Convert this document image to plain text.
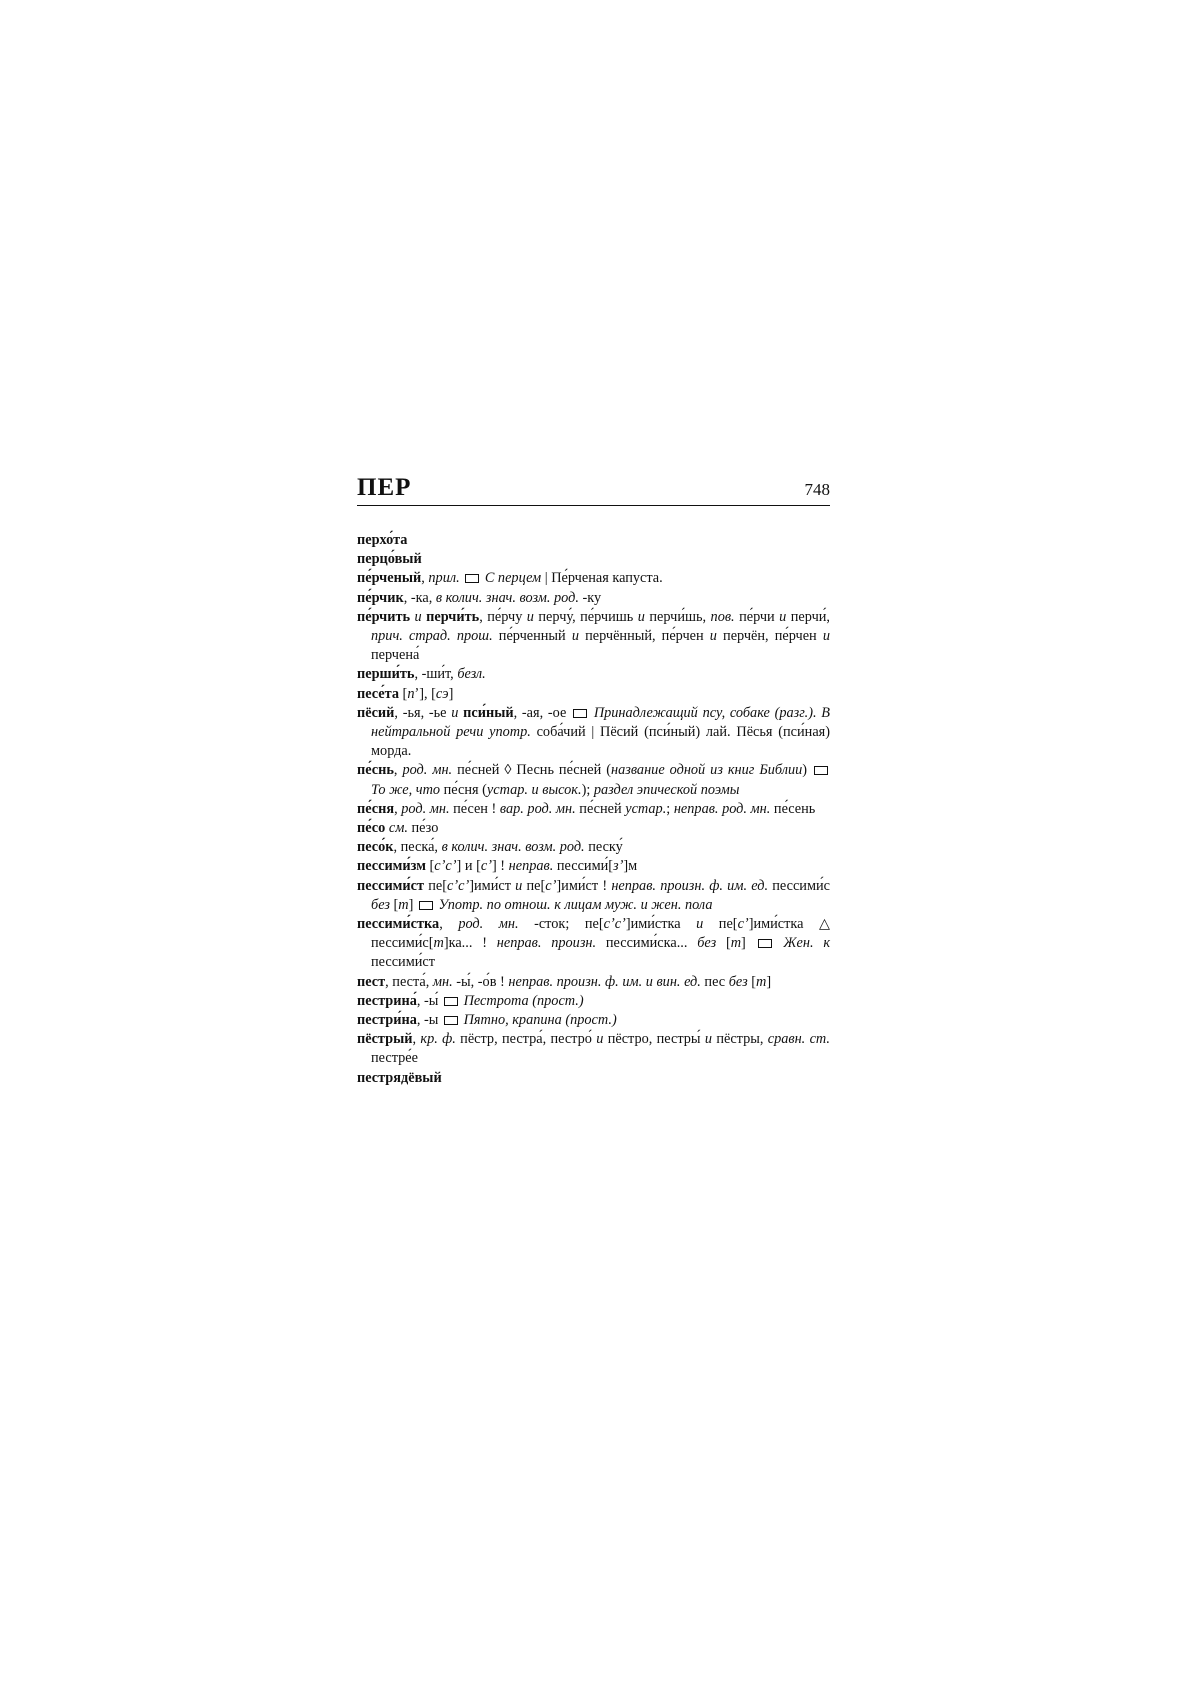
ПЕР	748

перхо́та

перцо́вый

пе́рченый, прил. С перцем | Пе́рченая капуста.

пе́рчик, -ка, в колич. знач. возм. род. -ку

пе́рчить и перчи́ть, пе́рчу и перчу́, пе́рчишь и перчи́шь, пов. пе́рчи и перчи́, прич. страд. прош. пе́рченный и перчённый, пе́рчен и перчён, пе́рчен и перчена́

перши́ть, -ши́т, безл.

песе́та [пʼ], [сэ]

пёсий, -ья, -ье и пси́ный, -ая, -ое  Принадлежащий псу, собаке (разг.). В нейтральной речи употр. соба́чий | Пёсий (пси́ный) лай. Пёсья (пси́ная) морда.

пе́снь, род. мн. пе́сней ◊ Песнь пе́сней (название одной из книг Библии)  То же, что пе́сня (устар. и высок.); раздел эпической поэмы

пе́сня, род. мн. пе́сен ! вар. род. мн. пе́сней устар.; неправ. род. мн. пе́сень

пе́со см. пе́зо

песо́к, песка́, в колич. знач. возм. род. песку́

пессими́зм [сʼсʼ] и [сʼ] ! неправ. пессими́[зʼ]м

пессими́ст пе[сʼсʼ]ими́ст и пе[сʼ]ими́ст ! неправ. произн. ф. им. ед. пессими́с без [т]  Употр. по отнош. к лицам муж. и жен. пола

пессими́стка, род. мн. -сток; пе[сʼсʼ]ими́стка и пе[сʼ]ими́стка △ пессими́с[т]ка... ! неправ. произн. пессими́ска... без [т]  Жен. к пессими́ст

пест, песта́, мн. -ы́, -о́в ! неправ. произн. ф. им. и вин. ед. пес без [т]

пестрина́, -ы́  Пестрота (прост.)

пестри́на, -ы  Пятно, крапина (прост.)

пёстрый, кр. ф. пёстр, пестра́, пестро́ и пёстро, пестры́ и пёстры, сравн. ст. пестре́е

пестрядёвый
